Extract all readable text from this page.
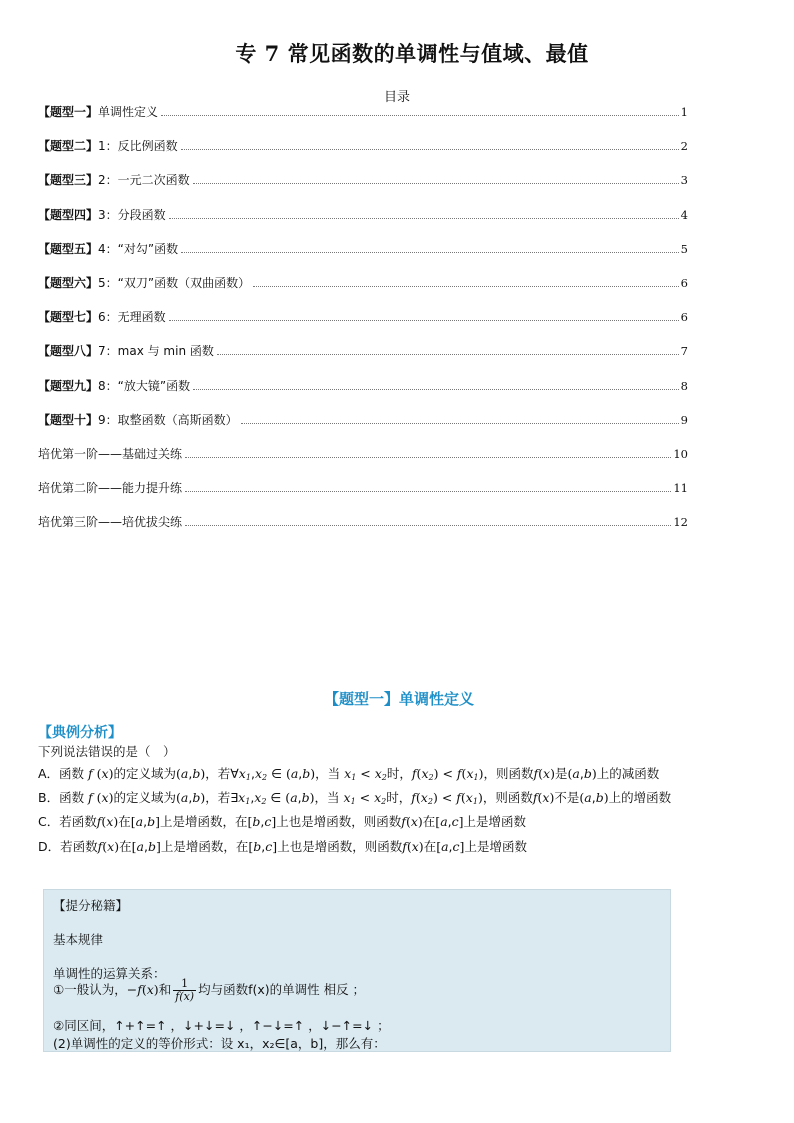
专 7 常见函数的单调性与值域、最值
目录
【题型一】单调性定义	1
【题型二】1：反比例函数	2
【题型三】2：一元二次函数	3
【题型四】3：分段函数	4
【题型五】4：“对勾”函数	5
【题型六】5：“双刀”函数（双曲函数）	6
【题型七】6：无理函数	6
【题型八】7：max 与 min 函数	7
【题型九】8：“放大镜”函数	8
【题型十】9：取整函数（高斯函数）	9
培优第一阶——基础过关练	10
培优第二阶——能力提升练	11
培优第三阶——培优拔尖练	12
【题型一】单调性定义
【典例分析】
下列说法错误的是（　）
A．函数 f (x)的定义域为(a,b)，若$\forall x_1,x_2$ ∈ (a,b)，当 $x_1 < x_2$时，$f(x_2) < f(x_1)$，则函数f(x)是(a,b)上的减函数
B．函数 f (x)的定义域为(a,b)，若$\exists x_1,x_2$ ∈ (a,b)，当 $x_1 < x_2$时，$f(x_2) < f(x_1)$，则函数f(x)不是(a,b)上的增函数
C．若函数f(x)在[a,b]上是增函数，在[b,c]上也是增函数，则函数f(x)在[a,c]上是增函数
D．若函数f(x)在[a,b]上是增函数，在[b,c]上也是增函数，则函数f(x)在[a,c]上是增函数
【提分秘籍】
基本规律
单调性的运算关系：
①一般认为，−f(x)和 $\frac{1}{f(x)}$ 均与函数f(x)的单调性 相反 ；
②同区间，↑+↑=↑ ，↓+↓=↓ ，↑−↓=↑ ，↓−↑=↓ ；
(2)单调性的定义的等价形式：设 x₁，x₂∈[a，b]，那么有：
